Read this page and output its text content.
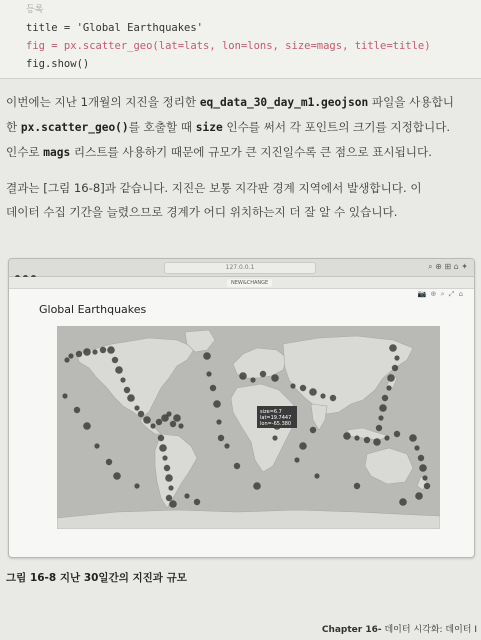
등록
title = 'Global Earthquakes'
fig = px.scatter_geo(lat=lats, lon=lons, size=mags, title=title)
fig.show()
이번에는 지난 1개월의 지진을 정리한 eq_data_30_day_m1.geojson 파일을 사용합니
한 px.scatter_geo()를 호출할 때 size 인수를 써서 각 포인트의 크기를 지정합니다.
인수로 mags 리스트를 사용하기 때문에 규모가 큰 지진일수록 큰 점으로 표시됩니다.
결과는 [그림 16-8]과 같습니다. 지진은 보통 지각판 경계 지역에서 발생합니다. 이
데이터 수집 기간을 늘렸으므로 경계가 어디 위치하는지 더 잘 알 수 있습니다.
127.0.0.1	⌕ ⊕ ⊞ ⌂ ✦
NEW&CHANGE
📷 ⊕ ⌕ ⤢ ⌂
Global Earthquakes
size=6.7
lat=19.7447
lon=-65.380
그림 16-8 지난 30일간의 지진과 규모
Chapter 16- 데이터 시각화: 데이터 I
